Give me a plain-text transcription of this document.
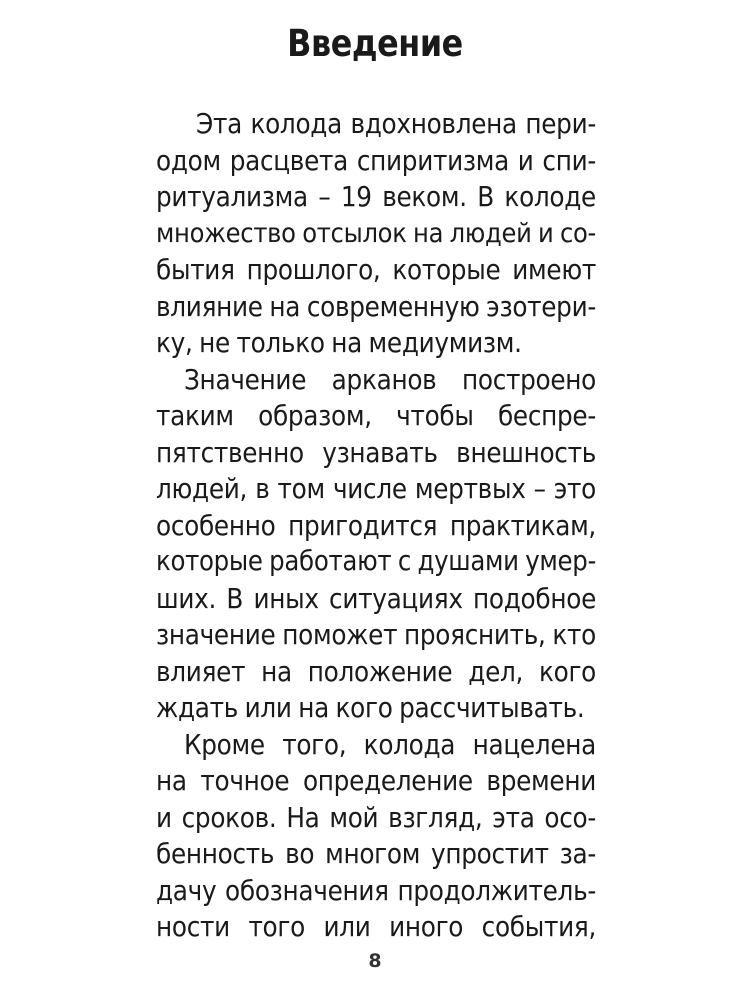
Введение
Эта колода вдохновлена пери-
одом расцвета спиритизма и спи-
ритуализма – 19 веком. В колоде
множество отсылок на людей и со-
бытия прошлого, которые имеют
влияние на современную эзотери-
ку, не только на медиумизм.
Значение арканов построено
таким образом, чтобы беспре-
пятственно узнавать внешность
людей, в том числе мертвых – это
особенно пригодится практикам,
которые работают с душами умер-
ших. В иных ситуациях подобное
значение поможет прояснить, кто
влияет на положение дел, кого
ждать или на кого рассчитывать.
Кроме того, колода нацелена
на точное определение времени
и сроков. На мой взгляд, эта осо-
бенность во многом упростит за-
дачу обозначения продолжитель-
ности того или иного события,
8
